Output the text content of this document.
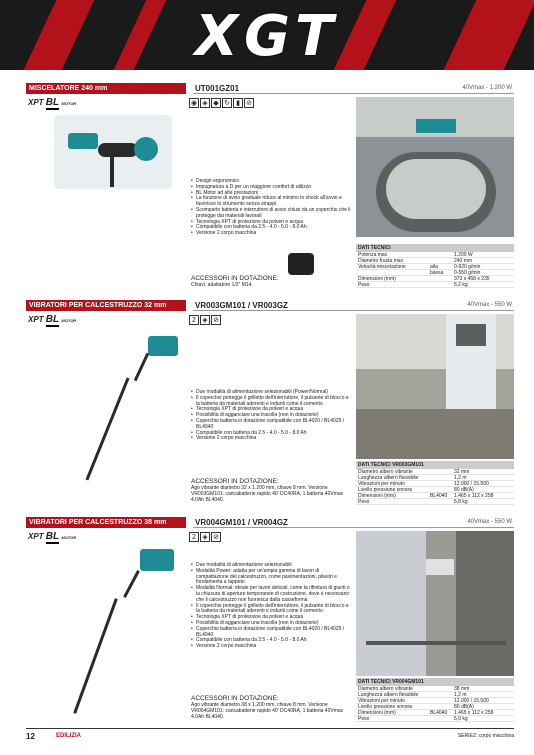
XGT
MISCELATORE 240 mm	UT001GZ01	40Vmax - 1.200 W
XPT BL MOTOR	◉ ◈ ◆ ↻ ▮ ⊘
• Design ergonomico
• Impugnatura a D per un maggiore comfort di utilizzo
• BL Motor ad alte prestazioni
• La funzione di avvio graduale riduce al minimo lo shock all'avvio e favorisce lo strumento senza strappi
• Scomparto batteria e interruttore di avvio chiusi da un coperchio che li protegge dai materiali lavorati
• Tecnologia XPT di protezione da polveri e acqua
• Compatibile con batteria da 2.5 - 4.0 - 5.0 - 8.0 Ah
• Versione 2 corpo macchina
ACCESSORI IN DOTAZIONE:
Chiavi, adattatore 1/2" M14.
DATI TECNICI
Potenza max	1.200 W
Diametro frusta max	240 mm
Velocità miscelazione	alta	0-920 g/min
bassa	0-550 g/min
Dimensioni (mm)	373 x 458 x 235
Peso	5,2 kg
VIBRATORI PER CALCESTRUZZO 32 mm	VR003GM101 / VR003GZ	40Vmax - 550 W
XPT BL MOTOR	2 ◈ ⊘
• Due modalità di alimentazione selezionabili (Power/Normal)
• Il coperchio protegge il grilletto dell'interruttore, il pulsante di blocco e la batteria da materiali aderenti e induriti come il cemento
• Tecnologia XPT di protezione da polveri e acqua
• Possibilità di agganciare una tracolla (non in dotazione)
• Coperchio batteria in dotazione compatibile con BL4020 / BL4025 / BL4040
• Compatibile con batteria da 2.5 - 4.0 - 5.0 - 8.0 Ah
• Versione 2 corpo macchina
ACCESSORI IN DOTAZIONE:
Ago vibrante diametro 32 x 1.200 mm, chiave 8 mm. Versione VR003GM101: caricabatterie rapido 40' DC40RA, 1 batteria 40Vmax 4.0Ah BL4040.
DATI TECNICI VR003GM101
Diametro albero vibrante	32 mm
Lunghezza albero flessibile	1,2 m
Vibrazioni per minuto	12.000 / 15.500
Livello pressione sonora	80 dB(A)
Dimensioni (mm)	BL4040	1.465 x 112 x 258
Peso	5,8 kg
VIBRATORI PER CALCESTRUZZO 38 mm	VR004GM101 / VR004GZ	40Vmax - 550 W
XPT BL MOTOR	2 ◈ ⊘
• Due modalità di alimentazione selezionabili
• Modalità Power: adatta per un'ampia gamma di lavori di compattazione del calcestruzzo, come pavimentazioni, pilastri e fondamenta a tappeto
• Modalità Normal: ideale per lavori delicati, come la rifinitura di giunti o la chiusura di aperture temporanee di costruzione, dove è necessario che il calcestruzzo non fuoriesca dalla casseforma
• Il coperchio protegge il grilletto dell'interruttore, il pulsante di blocco e la batteria da materiali aderenti e induriti come il cemento
• Tecnologia XPT di protezione da polveri e acqua
• Possibilità di agganciare una tracolla (non in dotazione)
• Coperchio batteria in dotazione compatibile con BL4020 / BL4025 / BL4040
• Compatibile con batteria da 2.5 - 4.0 - 5.0 - 8.0 Ah
• Versione 2 corpo macchina
ACCESSORI IN DOTAZIONE:
Ago vibrante diametro 38 x 1.200 mm, chiave 8 mm. Versione VR004GM101: caricabatterie rapido 40' DC40RA, 1 batteria 40Vmax 4.0Ah BL4040.
DATI TECNICI VR004GM101
Diametro albero vibrante	38 mm
Lunghezza albero flessibile	1,2 m
Vibrazioni per minuto	12.000 / 15.500
Livello pressione sonora	80 dB(A)
Dimensioni (mm)	BL4040	1.465 x 112 x 258
Peso	5,9 kg
12	EDILIZIA	SERIEZ: corpo macchina
